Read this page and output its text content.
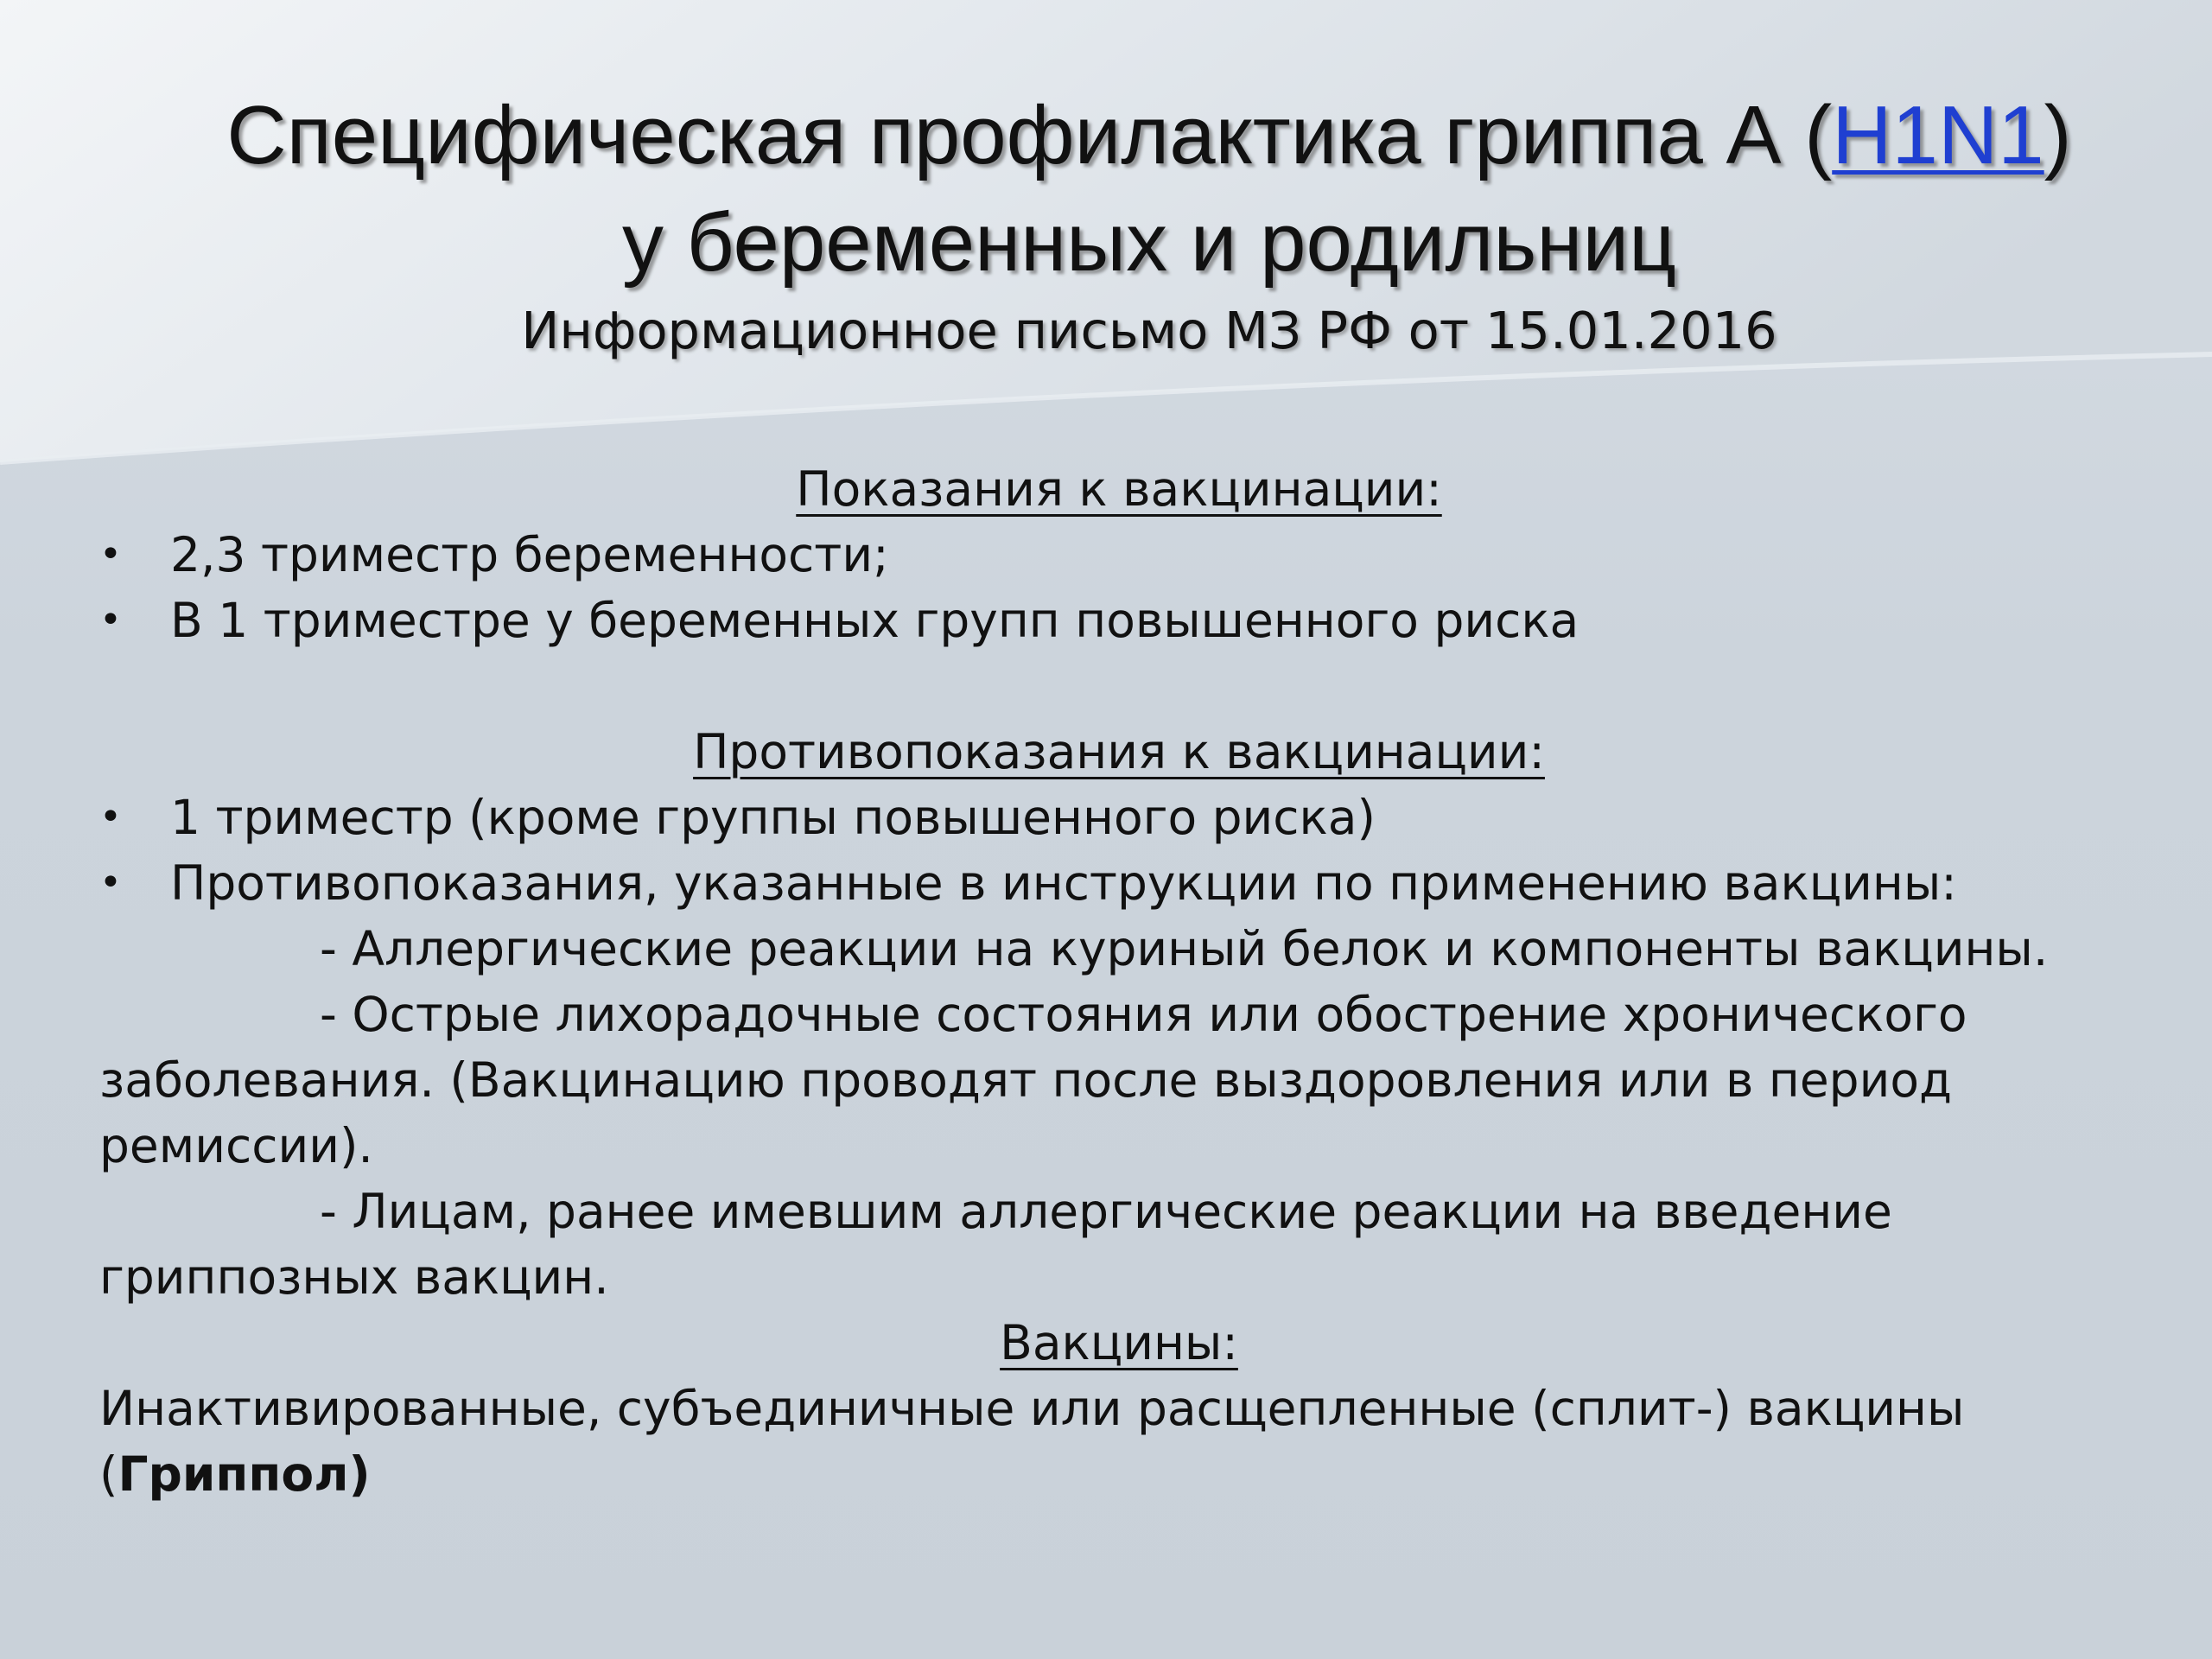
Специфическая профилактика гриппа А (H1N1)
у беременных и родильниц
Информационное письмо МЗ РФ от 15.01.2016
Показания к вакцинации:
• 2,3 триместр беременности;
• В 1 триместре у беременных групп повышенного риска
Противопоказания к вакцинации:
• 1 триместр (кроме группы повышенного риска)
• Противопоказания, указанные в инструкции по применению вакцины:
- Аллергические реакции на куриный белок и компоненты вакцины.
- Острые лихорадочные состояния или обострение хронического заболевания. (Вакцинацию проводят после выздоровления или в период ремиссии).
- Лицам, ранее имевшим аллергические реакции на введение гриппозных вакцин.
Вакцины:
Инактивированные, субъединичные или расщепленные (сплит-) вакцины (Гриппол)
